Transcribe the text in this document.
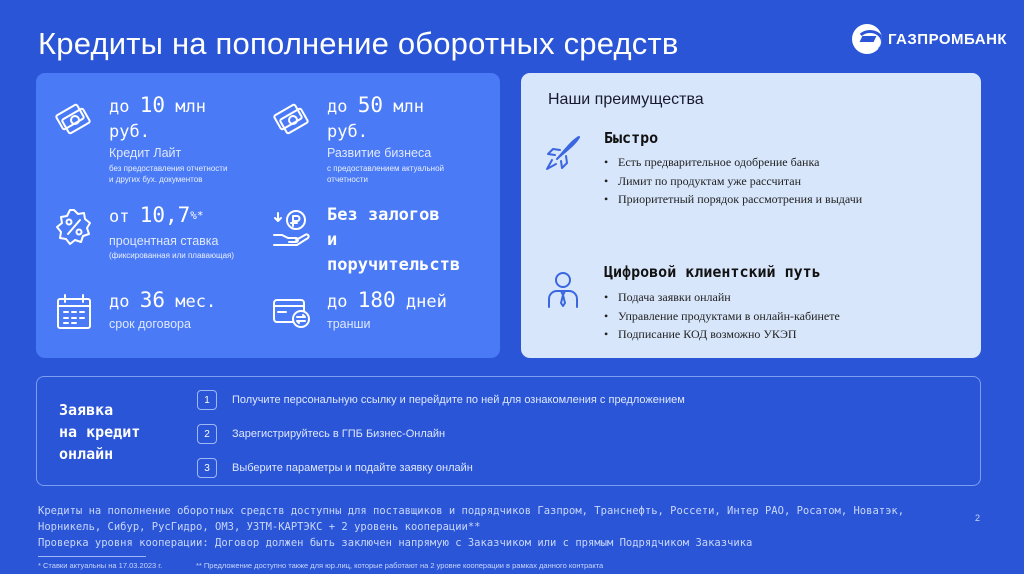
Кредиты на пополнение оборотных средств	ГАЗПРОМБАНК
до 10 млн
руб.
Кредит Лайт
без предоставления отчетности
и других бух. документов
до 50 млн
руб.
Развитие бизнеса
с предоставлением актуальной
отчетности
от 10,7%*
процентная ставка
(фиксированная или плавающая)
Без залогов
и
поручительств
до 36 мес.
срок договора
до 180 дней
транши
Наши преимущества
Быстро
• Есть предварительное одобрение банка
• Лимит по продуктам уже рассчитан
• Приоритетный порядок рассмотрения и выдачи
Цифровой клиентский путь
• Подача заявки онлайн
• Управление продуктами в онлайн-кабинете
• Подписание КОД возможно УКЭП
Заявка
на кредит
онлайн
1	Получите персональную ссылку и перейдите по ней для ознакомления с предложением
2	Зарегистрируйтесь в ГПБ Бизнес-Онлайн
3	Выберите параметры и подайте заявку онлайн
Кредиты на пополнение оборотных средств доступны для поставщиков и подрядчиков Газпром, Транснефть, Россети, Интер РАО, Росатом, Новатэк,
Норникель, Сибур, РусГидро, ОМЗ, УЗТМ-КАРТЭКС + 2 уровень кооперации**
Проверка уровня кооперации: Договор должен быть заключен напрямую с Заказчиком или с прямым Подрядчиком Заказчика
2
* Ставки актуальны на 17.03.2023 г.	** Предложение доступно также для юр.лиц, которые работают на 2 уровне кооперации в рамках данного контракта
